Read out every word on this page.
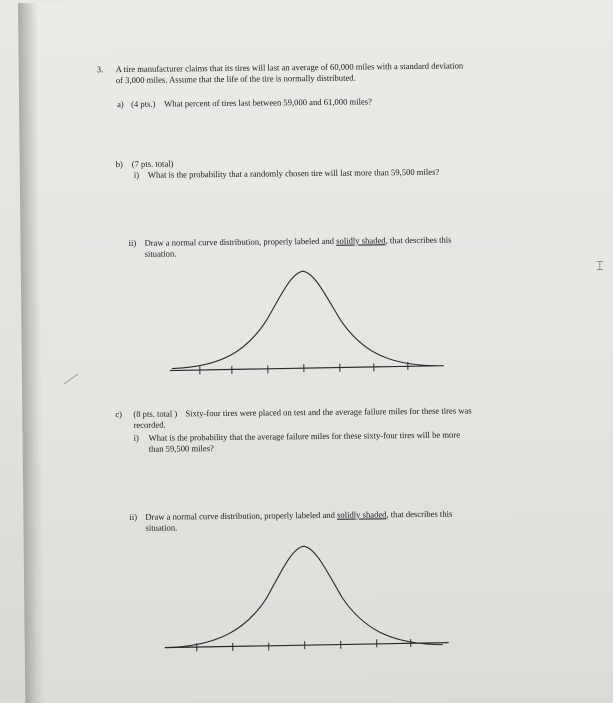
3. A tire manufacturer claims that its tires will last an average of 60,000 miles with a standard deviation
of 3,000 miles. Assume that the life of the tire is normally distributed.
a) (4 pts.) What percent of tires last between 59,000 and 61,000 miles?
b) (7 pts. total)
i) What is the probability that a randomly chosen tire will last more than 59,500 miles?
ii) Draw a normal curve distribution, properly labeled and solidly shaded, that describes this
situation.
c) (8 pts. total ) Sixty-four tires were placed on test and the average failure miles for these tires was
recorded.
i) What is the probability that the average failure miles for these sixty-four tires will be more
than 59,500 miles?
ii) Draw a normal curve distribution, properly labeled and solidly shaded, that describes this
situation.
⌶
